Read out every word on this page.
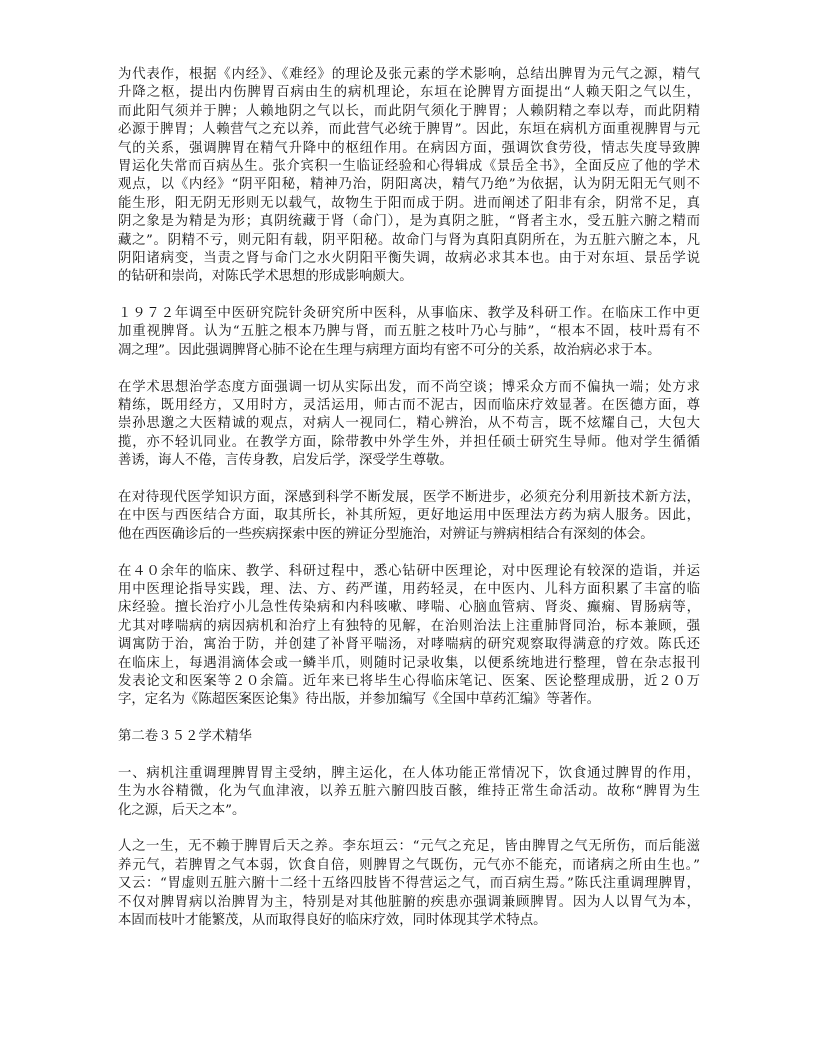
为代表作，根据《内经》、《难经》的理论及张元素的学术影响，总结出脾胃为元气之源，精气
升降之枢，提出内伤脾胃百病由生的病机理论，东垣在论脾胃方面提出“人赖天阳之气以生，
而此阳气须并于脾；人赖地阴之气以长，而此阴气须化于脾胃；人赖阴精之奉以寿，而此阴精
必源于脾胃；人赖营气之充以养，而此营气必统于脾胃”。因此，东垣在病机方面重视脾胃与元
气的关系，强调脾胃在精气升降中的枢纽作用。在病因方面，强调饮食劳役，情志失度导致脾
胃运化失常而百病丛生。张介宾积一生临证经验和心得辑成《景岳全书》，全面反应了他的学术
观点，以《内经》“阴平阳秘，精神乃治，阴阳离决，精气乃绝”为依据，认为阴无阳无气则不
能生形，阳无阴无形则无以载气，故物生于阳而成于阴。进而阐述了阳非有余，阴常不足，真
阴之象是为精是为形；真阴统藏于肾（命门），是为真阴之脏，“肾者主水，受五脏六腑之精而
藏之”。阴精不亏，则元阳有载，阴平阳秘。故命门与肾为真阳真阴所在，为五脏六腑之本，凡
阴阳诸病变，当责之肾与命门之水火阴阳平衡失调，故病必求其本也。由于对东垣、景岳学说
的钻研和崇尚，对陈氏学术思想的形成影响颇大。
１９７２年调至中医研究院针灸研究所中医科，从事临床、教学及科研工作。在临床工作中更
加重视脾肾。认为“五脏之根本乃脾与肾，而五脏之枝叶乃心与肺”，“根本不固，枝叶焉有不
凋之理”。因此强调脾肾心肺不论在生理与病理方面均有密不可分的关系，故治病必求于本。
在学术思想治学态度方面强调一切从实际出发，而不尚空谈；博采众方而不偏执一端；处方求
精练，既用经方，又用时方，灵活运用，师古而不泥古，因而临床疗效显著。在医德方面，尊
崇孙思邈之大医精诚的观点，对病人一视同仁，精心辨治，从不苟言，既不炫耀自己，大包大
揽，亦不轻讥同业。在教学方面，除带教中外学生外，并担任硕士研究生导师。他对学生循循
善诱，诲人不倦，言传身教，启发后学，深受学生尊敬。
在对待现代医学知识方面，深感到科学不断发展，医学不断进步，必须充分利用新技术新方法，
在中医与西医结合方面，取其所长，补其所短，更好地运用中医理法方药为病人服务。因此，
他在西医确诊后的一些疾病探索中医的辨证分型施治，对辨证与辨病相结合有深刻的体会。
在４０余年的临床、教学、科研过程中，悉心钻研中医理论，对中医理论有较深的造诣，并运
用中医理论指导实践，理、法、方、药严谨，用药轻灵，在中医内、儿科方面积累了丰富的临
床经验。擅长治疗小儿急性传染病和内科咳嗽、哮喘、心脑血管病、肾炎、癫痫、胃肠病等，
尤其对哮喘病的病因病机和治疗上有独特的见解，在治则治法上注重肺肾同治，标本兼顾，强
调寓防于治，寓治于防，并创建了补肾平喘汤，对哮喘病的研究观察取得满意的疗效。陈氏还
在临床上，每遇涓滴体会或一鳞半爪，则随时记录收集，以便系统地进行整理，曾在杂志报刊
发表论文和医案等２０余篇。近年来已将毕生心得临床笔记、医案、医论整理成册，近２０万
字，定名为《陈超医案医论集》待出版，并参加编写《全国中草药汇编》等著作。
第二卷３５２学术精华
一、病机注重调理脾胃胃主受纳，脾主运化，在人体功能正常情况下，饮食通过脾胃的作用，
生为水谷精微，化为气血津液，以养五脏六腑四肢百骸，维持正常生命活动。故称“脾胃为生
化之源，后天之本”。
人之一生，无不赖于脾胃后天之养。李东垣云：“元气之充足，皆由脾胃之气无所伤，而后能滋
养元气，若脾胃之气本弱，饮食自倍，则脾胃之气既伤，元气亦不能充，而诸病之所由生也。”
又云：“胃虚则五脏六腑十二经十五络四肢皆不得营运之气，而百病生焉。”陈氏注重调理脾胃，
不仅对脾胃病以治脾胃为主，特别是对其他脏腑的疾患亦强调兼顾脾胃。因为人以胃气为本，
本固而枝叶才能繁茂，从而取得良好的临床疗效，同时体现其学术特点。
